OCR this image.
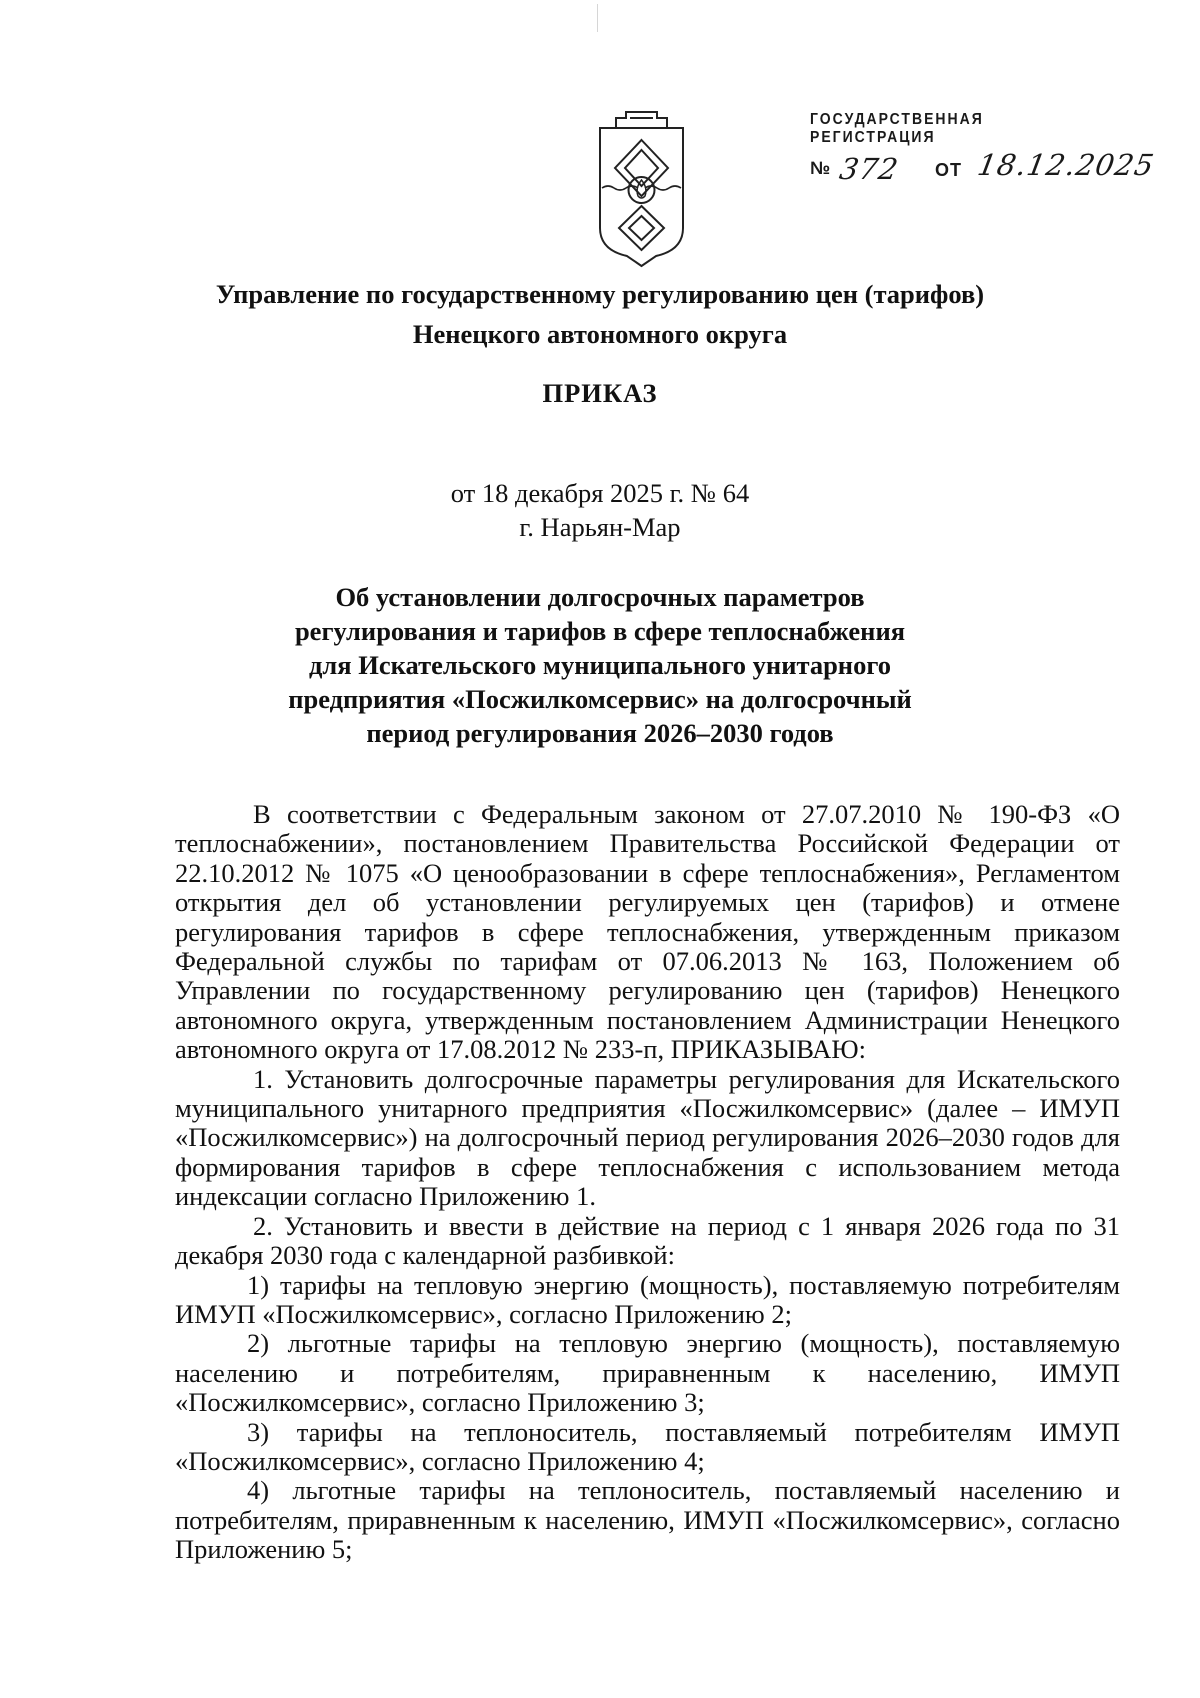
ГОСУДАРСТВЕННАЯ
РЕГИСТРАЦИЯ
№ 372 ОТ 18.12.2025
Управление по государственному регулированию цен (тарифов)
Ненецкого автономного округа
ПРИКАЗ
от 18 декабря 2025 г. № 64
г. Нарьян-Мар
Об установлении долгосрочных параметров
регулирования и тарифов в сфере теплоснабжения
для Искательского муниципального унитарного
предприятия «Посжилкомсервис» на долгосрочный
период регулирования 2026–2030 годов

В соответствии с Федеральным законом от 27.07.2010 № 190-ФЗ «О теплоснабжении», постановлением Правительства Российской Федерации от 22.10.2012 № 1075 «О ценообразовании в сфере теплоснабжения», Регламентом открытия дел об установлении регулируемых цен (тарифов) и отмене регулирования тарифов в сфере теплоснабжения, утвержденным приказом Федеральной службы по тарифам от 07.06.2013 № 163, Положением об Управлении по государственному регулированию цен (тарифов) Ненецкого автономного округа, утвержденным постановлением Администрации Ненецкого автономного округа от 17.08.2012 № 233-п, ПРИКАЗЫВАЮ:

1. Установить долгосрочные параметры регулирования для Искательского муниципального унитарного предприятия «Посжилкомсервис» (далее – ИМУП «Посжилкомсервис») на долгосрочный период регулирования 2026–2030 годов для формирования тарифов в сфере теплоснабжения с использованием метода индексации согласно Приложению 1.

2. Установить и ввести в действие на период с 1 января 2026 года по 31 декабря 2030 года с календарной разбивкой:

1) тарифы на тепловую энергию (мощность), поставляемую потребителям ИМУП «Посжилкомсервис», согласно Приложению 2;

2) льготные тарифы на тепловую энергию (мощность), поставляемую населению и потребителям, приравненным к населению, ИМУП «Посжилкомсервис», согласно Приложению 3;

3) тарифы на теплоноситель, поставляемый потребителям ИМУП «Посжилкомсервис», согласно Приложению 4;

4) льготные тарифы на теплоноситель, поставляемый населению и потребителям, приравненным к населению, ИМУП «Посжилкомсервис», согласно Приложению 5;
